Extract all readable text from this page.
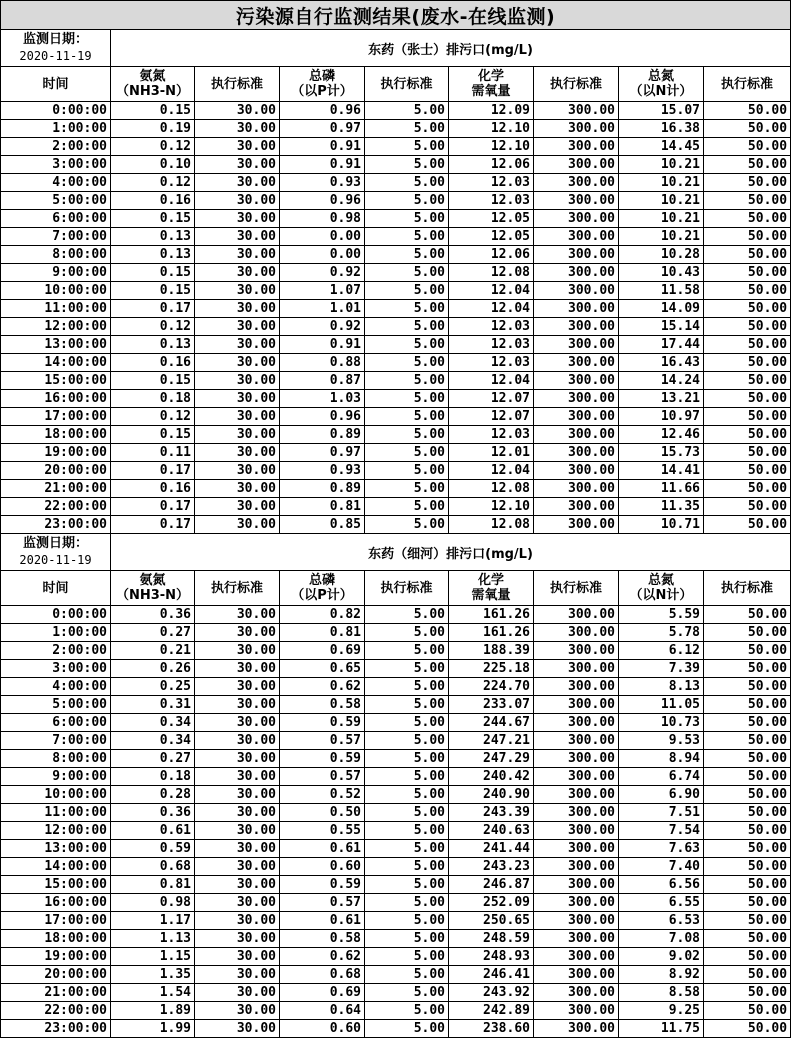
污染源自行监测结果(废水-在线监测)								

监测日期：
2020-11-19	东药（张士）排污口(mg/L)							
时间	氨氮
（NH3-N）	执行标准	总磷
（以P计）	执行标准	化学
需氧量	执行标准	总氮
（以N计）	执行标准
0:00:00	0.15	30.00	0.96	5.00	12.09	300.00	15.07	50.00
1:00:00	0.19	30.00	0.97	5.00	12.10	300.00	16.38	50.00
2:00:00	0.12	30.00	0.91	5.00	12.10	300.00	14.45	50.00
3:00:00	0.10	30.00	0.91	5.00	12.06	300.00	10.21	50.00
4:00:00	0.12	30.00	0.93	5.00	12.03	300.00	10.21	50.00
5:00:00	0.16	30.00	0.96	5.00	12.03	300.00	10.21	50.00
6:00:00	0.15	30.00	0.98	5.00	12.05	300.00	10.21	50.00
7:00:00	0.13	30.00	0.00	5.00	12.05	300.00	10.21	50.00
8:00:00	0.13	30.00	0.00	5.00	12.06	300.00	10.28	50.00
9:00:00	0.15	30.00	0.92	5.00	12.08	300.00	10.43	50.00
10:00:00	0.15	30.00	1.07	5.00	12.04	300.00	11.58	50.00
11:00:00	0.17	30.00	1.01	5.00	12.04	300.00	14.09	50.00
12:00:00	0.12	30.00	0.92	5.00	12.03	300.00	15.14	50.00
13:00:00	0.13	30.00	0.91	5.00	12.03	300.00	17.44	50.00
14:00:00	0.16	30.00	0.88	5.00	12.03	300.00	16.43	50.00
15:00:00	0.15	30.00	0.87	5.00	12.04	300.00	14.24	50.00
16:00:00	0.18	30.00	1.03	5.00	12.07	300.00	13.21	50.00
17:00:00	0.12	30.00	0.96	5.00	12.07	300.00	10.97	50.00
18:00:00	0.15	30.00	0.89	5.00	12.03	300.00	12.46	50.00
19:00:00	0.11	30.00	0.97	5.00	12.01	300.00	15.73	50.00
20:00:00	0.17	30.00	0.93	5.00	12.04	300.00	14.41	50.00
21:00:00	0.16	30.00	0.89	5.00	12.08	300.00	11.66	50.00
22:00:00	0.17	30.00	0.81	5.00	12.10	300.00	11.35	50.00
23:00:00	0.17	30.00	0.85	5.00	12.08	300.00	10.71	50.00

监测日期：
2020-11-19	东药（细河）排污口(mg/L)							
时间	氨氮
（NH3-N）	执行标准	总磷
（以P计）	执行标准	化学
需氧量	执行标准	总氮
（以N计）	执行标准
0:00:00	0.36	30.00	0.82	5.00	161.26	300.00	5.59	50.00
1:00:00	0.27	30.00	0.81	5.00	161.26	300.00	5.78	50.00
2:00:00	0.21	30.00	0.69	5.00	188.39	300.00	6.12	50.00
3:00:00	0.26	30.00	0.65	5.00	225.18	300.00	7.39	50.00
4:00:00	0.25	30.00	0.62	5.00	224.70	300.00	8.13	50.00
5:00:00	0.31	30.00	0.58	5.00	233.07	300.00	11.05	50.00
6:00:00	0.34	30.00	0.59	5.00	244.67	300.00	10.73	50.00
7:00:00	0.34	30.00	0.57	5.00	247.21	300.00	9.53	50.00
8:00:00	0.27	30.00	0.59	5.00	247.29	300.00	8.94	50.00
9:00:00	0.18	30.00	0.57	5.00	240.42	300.00	6.74	50.00
10:00:00	0.28	30.00	0.52	5.00	240.90	300.00	6.90	50.00
11:00:00	0.36	30.00	0.50	5.00	243.39	300.00	7.51	50.00
12:00:00	0.61	30.00	0.55	5.00	240.63	300.00	7.54	50.00
13:00:00	0.59	30.00	0.61	5.00	241.44	300.00	7.63	50.00
14:00:00	0.68	30.00	0.60	5.00	243.23	300.00	7.40	50.00
15:00:00	0.81	30.00	0.59	5.00	246.87	300.00	6.56	50.00
16:00:00	0.98	30.00	0.57	5.00	252.09	300.00	6.55	50.00
17:00:00	1.17	30.00	0.61	5.00	250.65	300.00	6.53	50.00
18:00:00	1.13	30.00	0.58	5.00	248.59	300.00	7.08	50.00
19:00:00	1.15	30.00	0.62	5.00	248.93	300.00	9.02	50.00
20:00:00	1.35	30.00	0.68	5.00	246.41	300.00	8.92	50.00
21:00:00	1.54	30.00	0.69	5.00	243.92	300.00	8.58	50.00
22:00:00	1.89	30.00	0.64	5.00	242.89	300.00	9.25	50.00
23:00:00	1.99	30.00	0.60	5.00	238.60	300.00	11.75	50.00
